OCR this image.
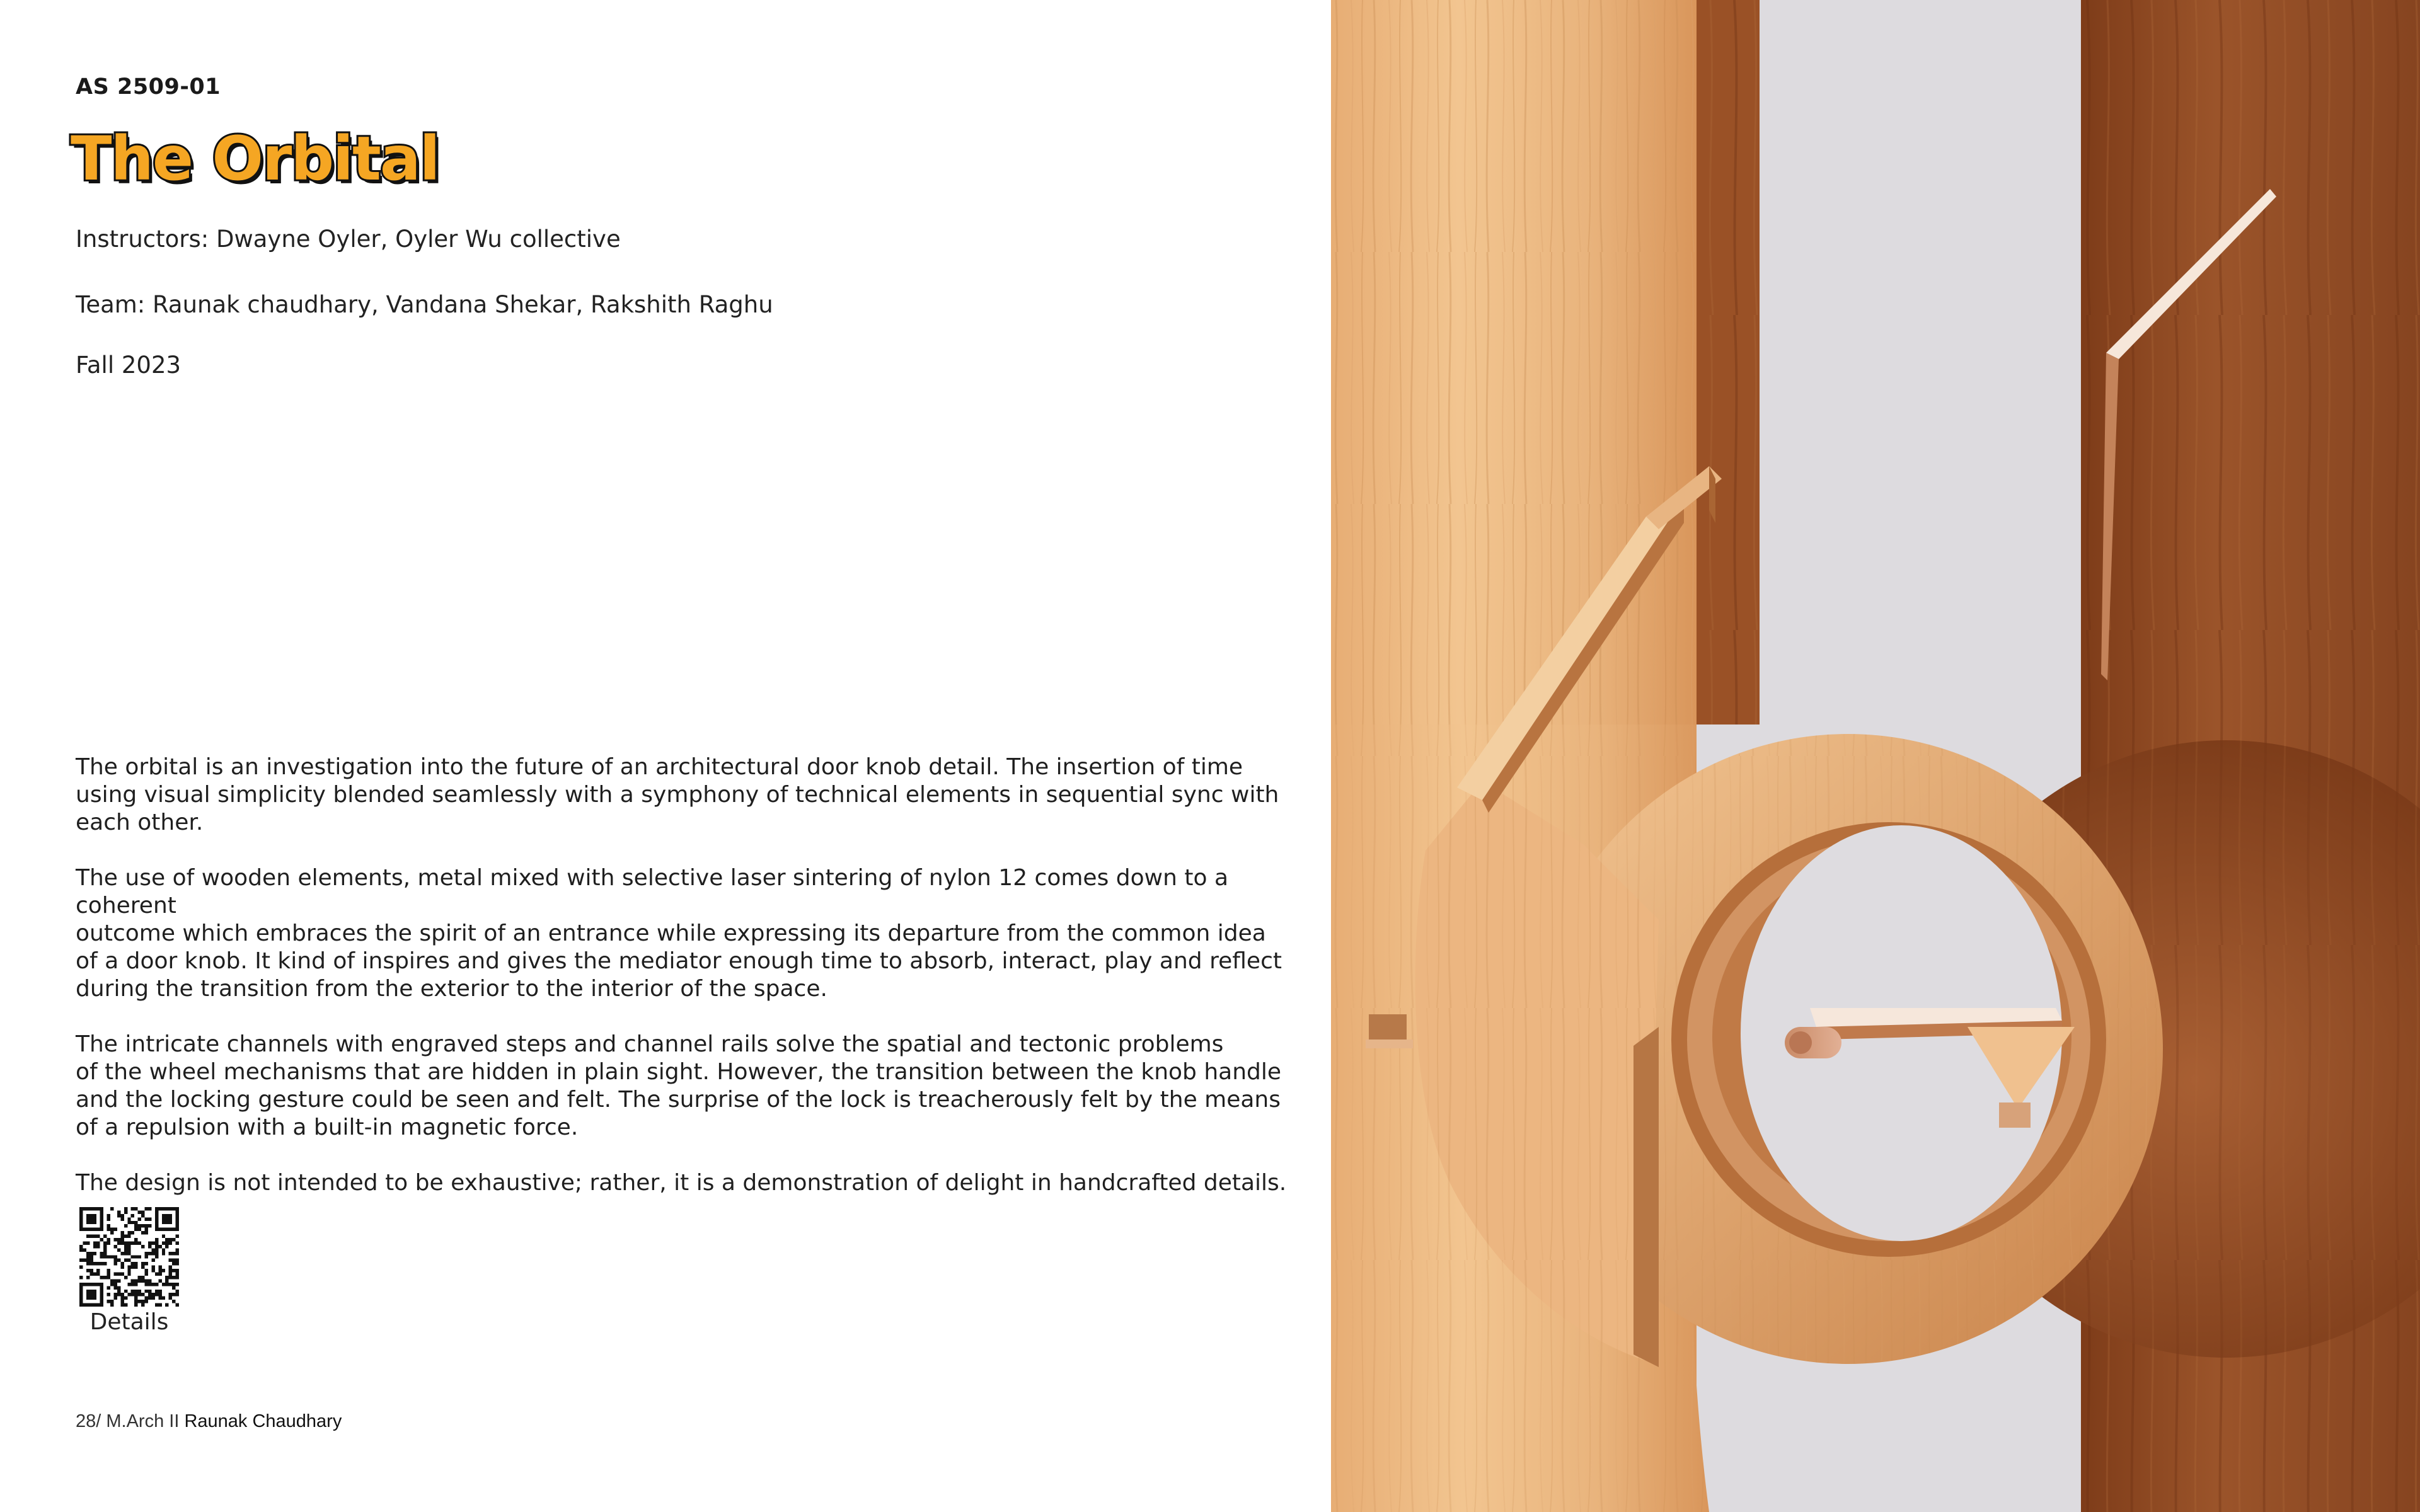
AS 2509-01
The Orbital
Instructors: Dwayne Oyler, Oyler Wu collective
Team: Raunak chaudhary, Vandana Shekar, Rakshith Raghu
Fall 2023

The orbital is an investigation into the future of an architectural door knob detail. The insertion of time
using visual simplicity blended seamlessly with a symphony of technical elements in sequential sync with each other.

The use of wooden elements, metal mixed with selective laser sintering of nylon 12 comes down to a coherent
outcome which embraces the spirit of an entrance while expressing its departure from the common idea
of a door knob. It kind of inspires and gives the mediator enough time to absorb, interact, play and reflect
during the transition from the exterior to the interior of the space.

The intricate channels with engraved steps and channel rails solve the spatial and tectonic problems
of the wheel mechanisms that are hidden in plain sight. However, the transition between the knob handle
and the locking gesture could be seen and felt. The surprise of the lock is treacherously felt by the means
of a repulsion with a built-in magnetic force.

The design is not intended to be exhaustive; rather, it is a demonstration of delight in handcrafted details.

Details
28/ M.Arch II Raunak Chaudhary
